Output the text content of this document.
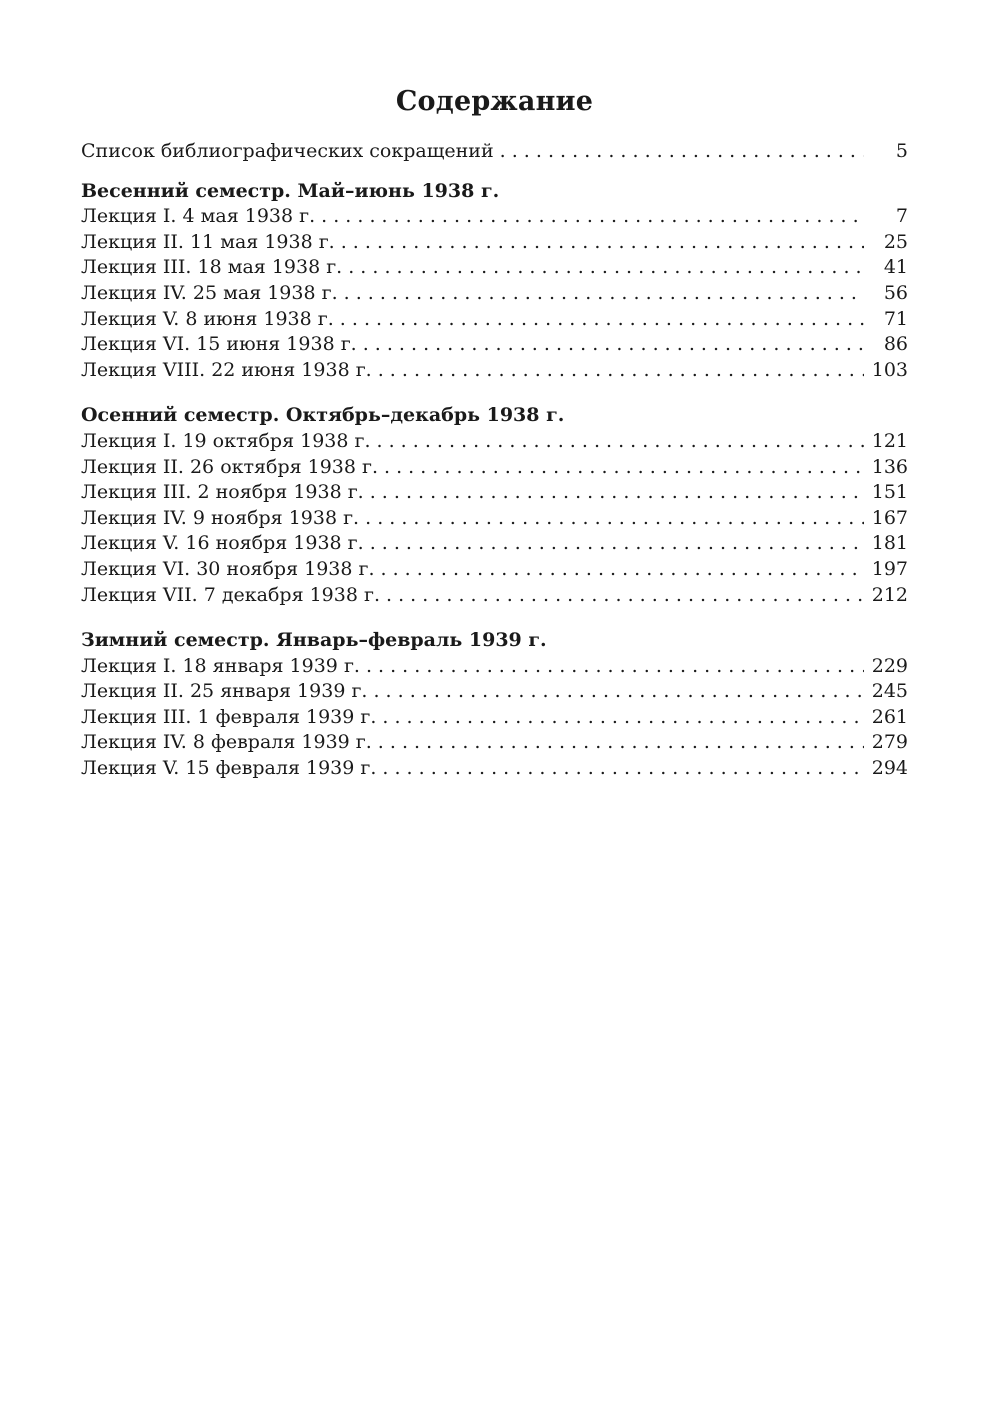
Содержание
Список библиографических сокращений . . .	5
Весенний семестр. Май–июнь 1938 г.
Лекция I. 4 мая 1938 г. . . .	7
Лекция II. 11 мая 1938 г. . . .	25
Лекция III. 18 мая 1938 г. . . .	41
Лекция IV. 25 мая 1938 г. . . .	56
Лекция V. 8 июня 1938 г. . . .	71
Лекция VI. 15 июня 1938 г. . . .	86
Лекция VIII. 22 июня 1938 г. . . .	103
Осенний семестр. Октябрь–декабрь 1938 г.
Лекция I. 19 октября 1938 г. . . .	121
Лекция II. 26 октября 1938 г. . . .	136
Лекция III. 2 ноября 1938 г. . . .	151
Лекция IV. 9 ноября 1938 г. . . .	167
Лекция V. 16 ноября 1938 г. . . .	181
Лекция VI. 30 ноября 1938 г. . . .	197
Лекция VII. 7 декабря 1938 г. . . .	212
Зимний семестр. Январь–февраль 1939 г.
Лекция I. 18 января 1939 г. . . .	229
Лекция II. 25 января 1939 г. . . .	245
Лекция III. 1 февраля 1939 г. . . .	261
Лекция IV. 8 февраля 1939 г. . . .	279
Лекция V. 15 февраля 1939 г. . . .	294
